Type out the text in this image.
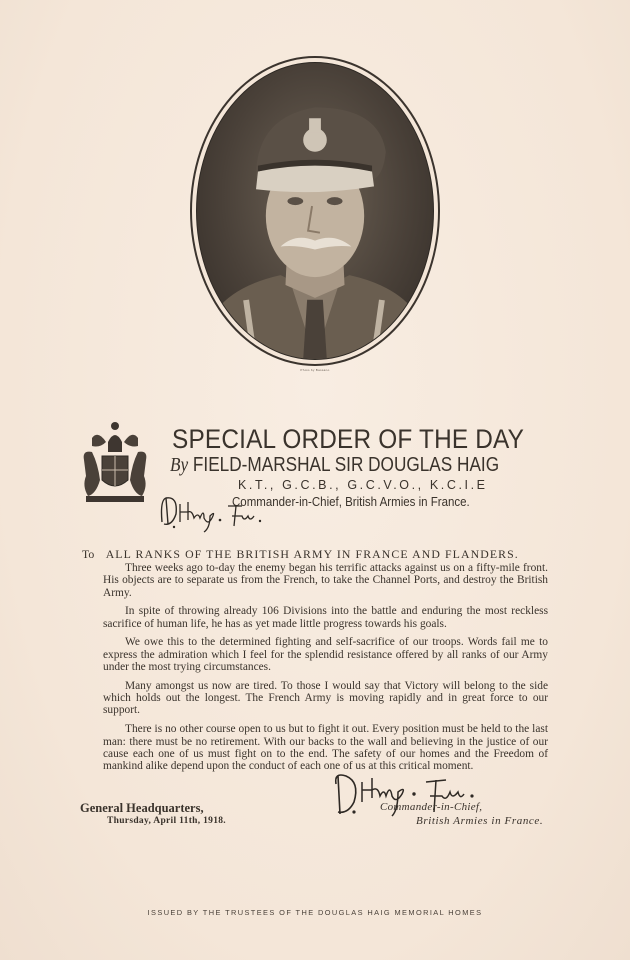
Photo by Bassano
SPECIAL ORDER OF THE DAY
By FIELD-MARSHAL SIR DOUGLAS HAIG
K.T., G.C.B., G.C.V.O., K.C.I.E
Commander-in-Chief, British Armies in France.
To ALL RANKS OF THE BRITISH ARMY IN FRANCE AND FLANDERS.

Three weeks ago to-day the enemy began his terrific attacks against us on a fifty-mile front. His objects are to separate us from the French, to take the Channel Ports, and destroy the British Army.

In spite of throwing already 106 Divisions into the battle and enduring the most reckless sacrifice of human life, he has as yet made little progress towards his goals.

We owe this to the determined fighting and self-sacrifice of our troops. Words fail me to express the admiration which I feel for the splendid resistance offered by all ranks of our Army under the most trying circumstances.

Many amongst us now are tired. To those I would say that Victory will belong to the side which holds out the longest. The French Army is moving rapidly and in great force to our support.

There is no other course open to us but to fight it out. Every position must be held to the last man: there must be no retirement. With our backs to the wall and believing in the justice of our cause each one of us must fight on to the end. The safety of our homes and the Freedom of mankind alike depend upon the conduct of each one of us at this critical moment.

General Headquarters,
Thursday, April 11th, 1918.
Commander-in-Chief,
British Armies in France.
ISSUED BY THE TRUSTEES OF THE DOUGLAS HAIG MEMORIAL HOMES
